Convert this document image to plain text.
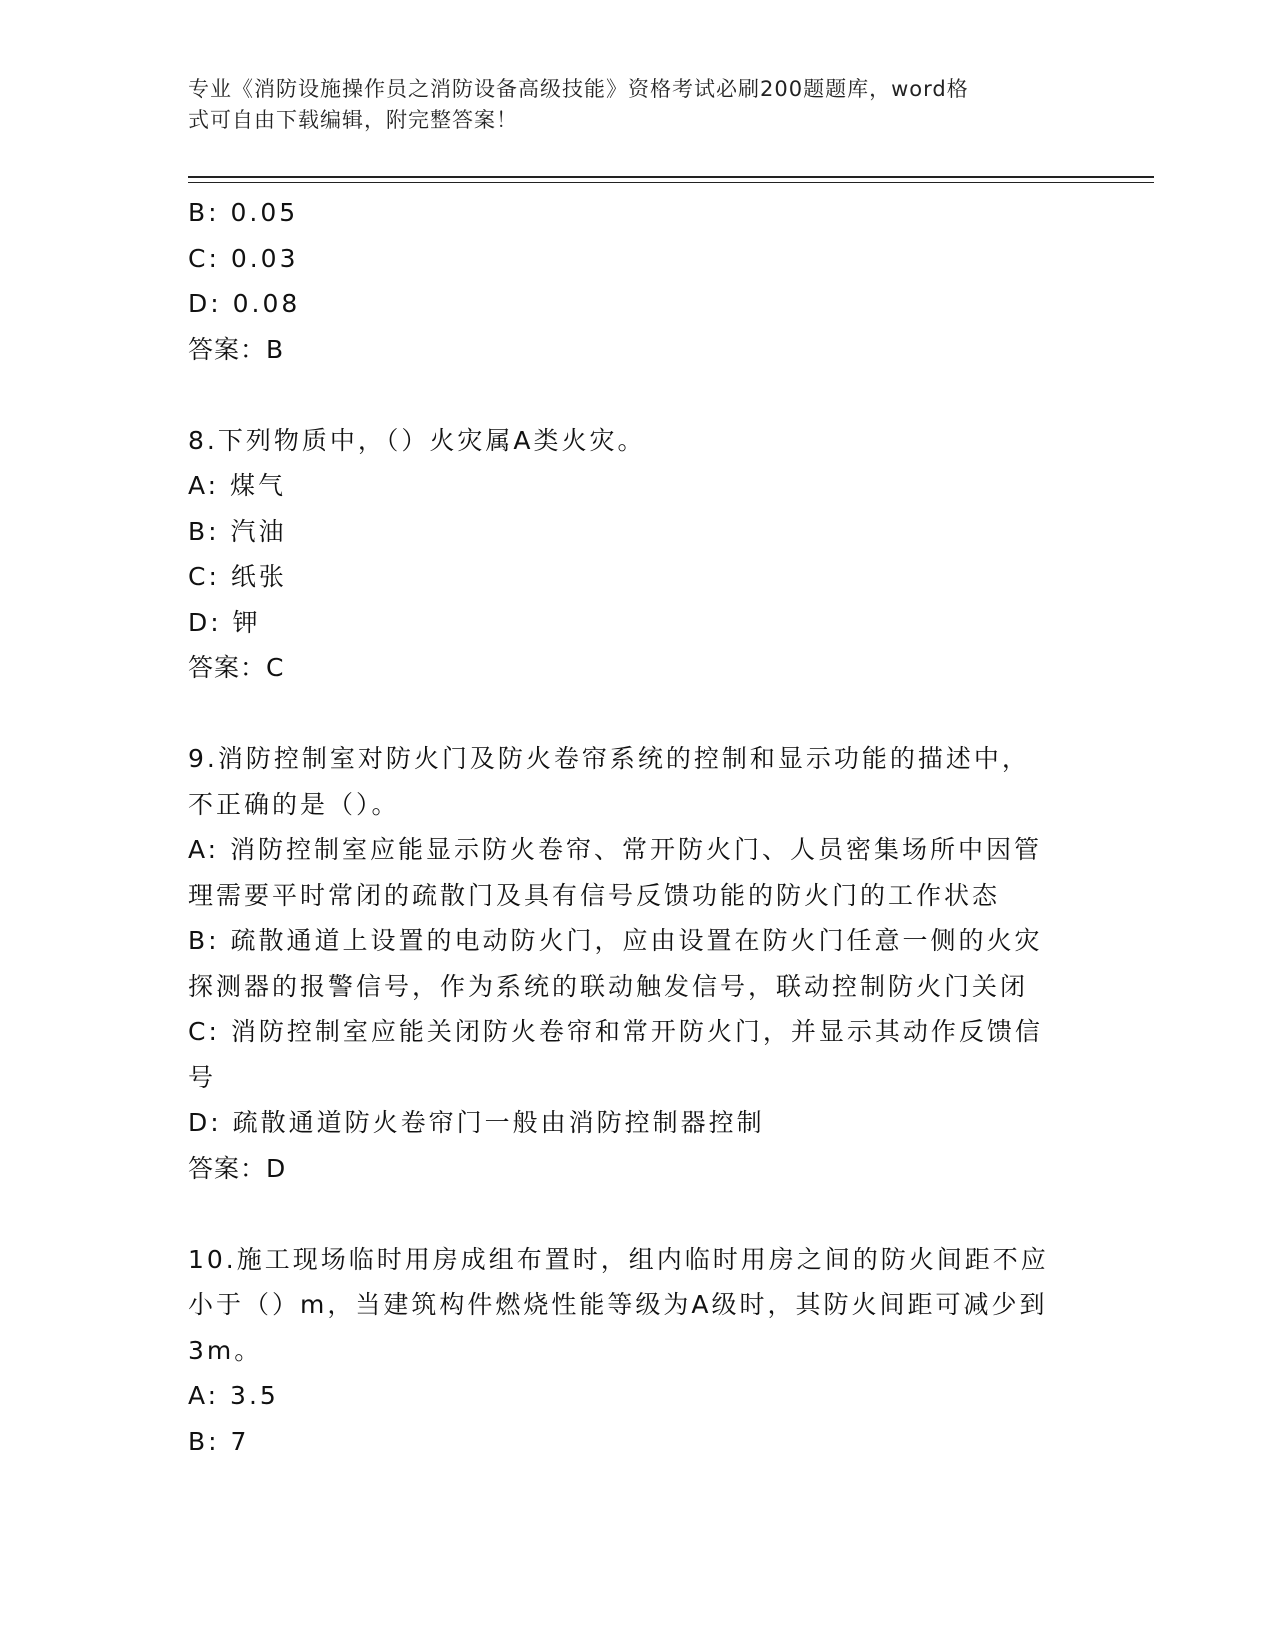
专业《消防设施操作员之消防设备高级技能》资格考试必刷200题题库，word格
式可自由下载编辑，附完整答案！
B: 0.05
C: 0.03
D: 0.08
答案：B
8.下列物质中，（）火灾属A类火灾。
A: 煤气
B: 汽油
C: 纸张
D: 钾
答案：C
9.消防控制室对防火门及防火卷帘系统的控制和显示功能的描述中，
不正确的是（）。
A: 消防控制室应能显示防火卷帘、常开防火门、人员密集场所中因管
理需要平时常闭的疏散门及具有信号反馈功能的防火门的工作状态
B: 疏散通道上设置的电动防火门，应由设置在防火门任意一侧的火灾
探测器的报警信号，作为系统的联动触发信号，联动控制防火门关闭
C: 消防控制室应能关闭防火卷帘和常开防火门，并显示其动作反馈信
号
D: 疏散通道防火卷帘门一般由消防控制器控制
答案：D
10.施工现场临时用房成组布置时，组内临时用房之间的防火间距不应
小于（）m，当建筑构件燃烧性能等级为A级时，其防火间距可减少到
3m。
A: 3.5
B: 7
